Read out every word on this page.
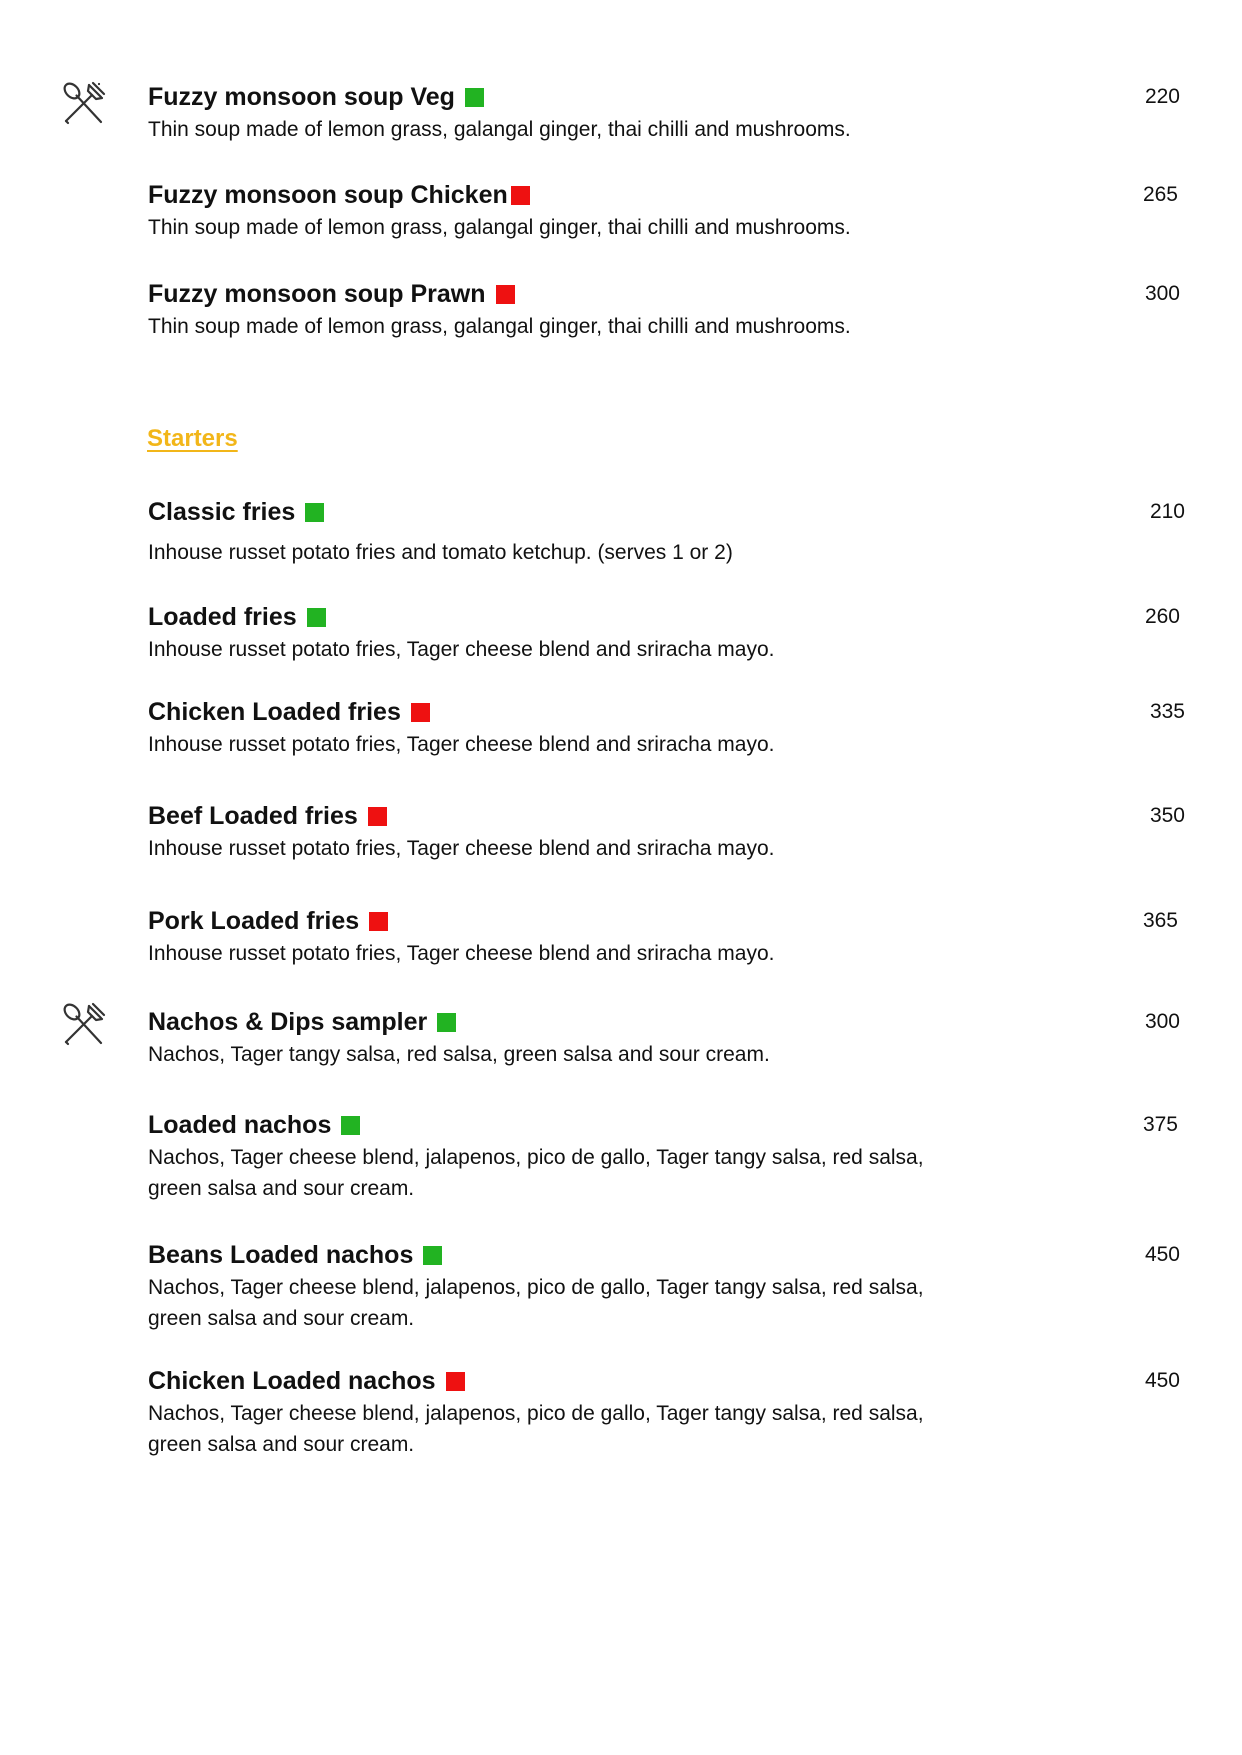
Fuzzy monsoon soup Veg
Thin soup made of lemon grass, galangal ginger, thai chilli and mushrooms.
220
Fuzzy monsoon soup Chicken
Thin soup made of lemon grass, galangal ginger, thai chilli and mushrooms.
265
Fuzzy monsoon soup Prawn
Thin soup made of lemon grass, galangal ginger, thai chilli and mushrooms.
300
Starters
Classic fries
Inhouse russet potato fries and tomato ketchup. (serves 1 or 2)
210
Loaded fries
Inhouse russet potato fries, Tager cheese blend and sriracha mayo.
260
Chicken Loaded fries
Inhouse russet potato fries, Tager cheese blend and sriracha mayo.
335
Beef Loaded fries
Inhouse russet potato fries, Tager cheese blend and sriracha mayo.
350
Pork Loaded fries
Inhouse russet potato fries, Tager cheese blend and sriracha mayo.
365
Nachos & Dips sampler
Nachos, Tager tangy salsa, red salsa, green salsa and sour cream.
300
Loaded nachos
Nachos, Tager cheese blend, jalapenos, pico de gallo, Tager tangy salsa, red salsa, green salsa and sour cream.
375
Beans Loaded nachos
Nachos, Tager cheese blend, jalapenos, pico de gallo, Tager tangy salsa, red salsa, green salsa and sour cream.
450
Chicken Loaded nachos
Nachos, Tager cheese blend, jalapenos, pico de gallo, Tager tangy salsa, red salsa, green salsa and sour cream.
450
